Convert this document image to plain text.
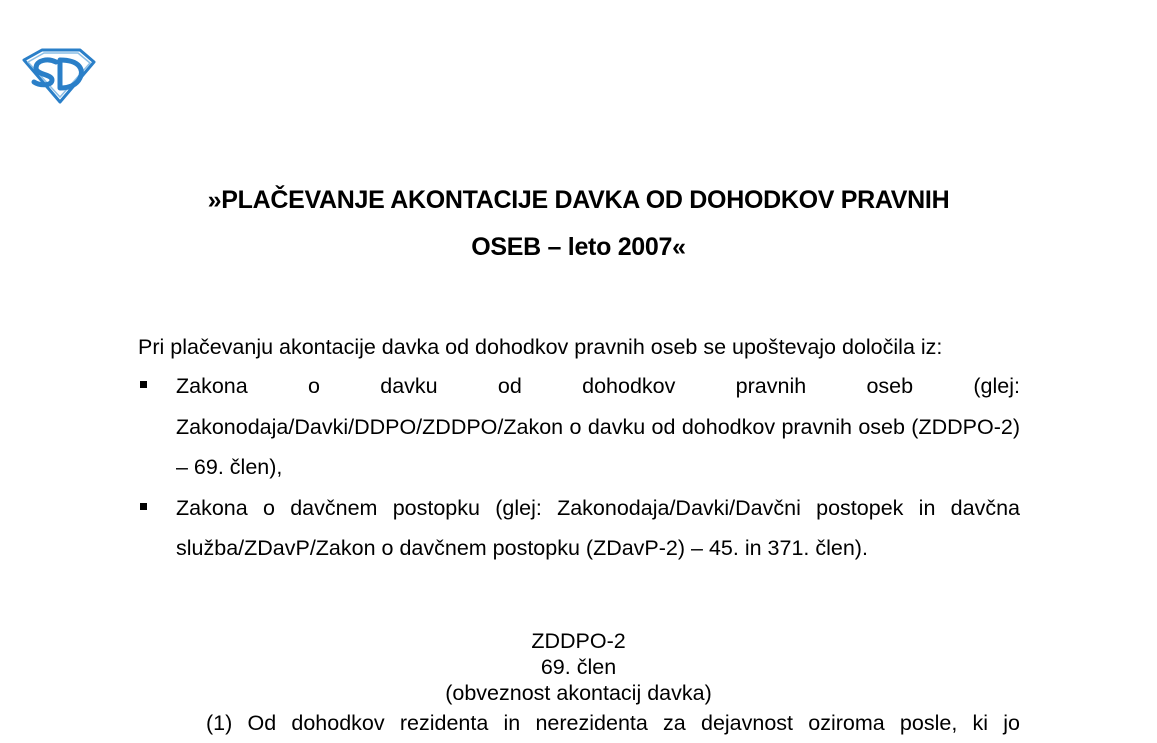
»PLAČEVANJE AKONTACIJE DAVKA OD DOHODKOV PRAVNIH
OSEB – leto 2007«
Pri plačevanju akontacije davka od dohodkov pravnih oseb se upoštevajo določila iz:
Zakona o davku od dohodkov pravnih oseb (glej: Zakonodaja/Davki/DDPO/ZDDPO/Zakon o davku od dohodkov pravnih oseb (ZDDPO-2) – 69. člen),
Zakona o davčnem postopku (glej: Zakonodaja/Davki/Davčni postopek in davčna služba/ZDavP/Zakon o davčnem postopku (ZDavP-2) – 45. in 371. člen).
ZDDPO-2
69. člen
(obveznost akontacij davka)
(1) Od dohodkov rezidenta in nerezidenta za dejavnost oziroma posle, ki jo
